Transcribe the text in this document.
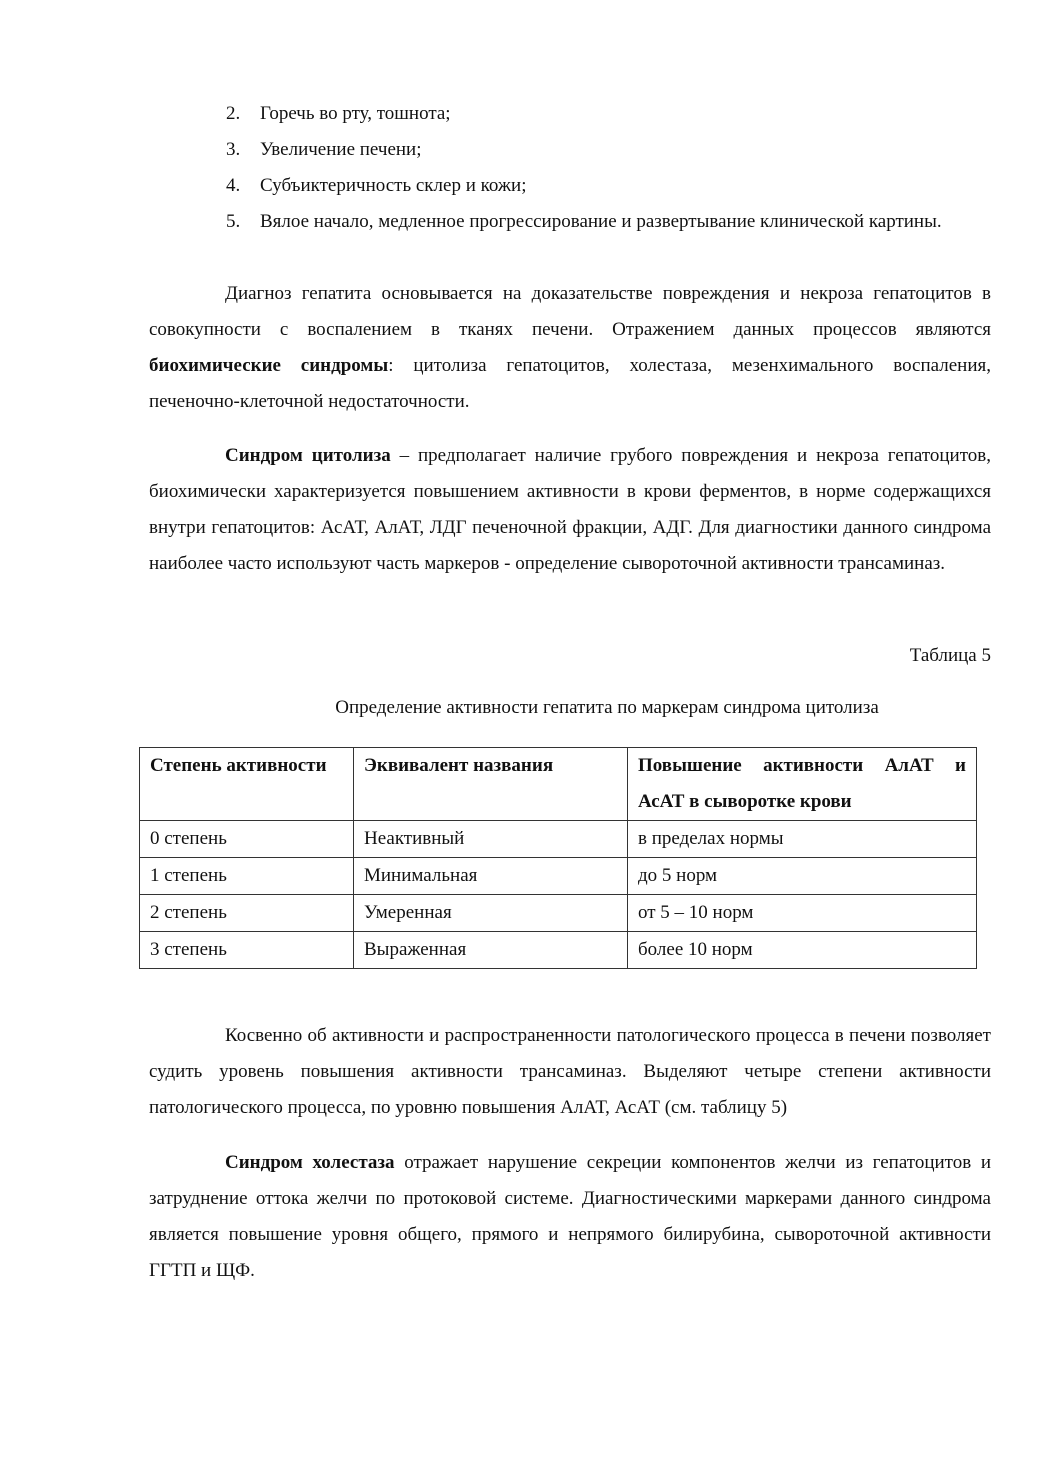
2. Горечь во рту, тошнота;
3. Увеличение печени;
4. Субъиктеричность склер и кожи;
5. Вялое начало, медленное прогрессирование и развертывание клинической картины.

Диагноз гепатита основывается на доказательстве повреждения и некроза гепатоцитов в совокупности с воспалением в тканях печени. Отражением данных процессов являются биохимические синдромы: цитолиза гепатоцитов, холестаза, мезенхимального воспаления, печеночно-клеточной недостаточности.

Синдром цитолиза – предполагает наличие грубого повреждения и некроза гепатоцитов, биохимически характеризуется повышением активности в крови ферментов, в норме содержащихся внутри гепатоцитов: АсАТ, АлАТ, ЛДГ печеночной фракции, АДГ. Для диагностики данного синдрома наиболее часто используют часть маркеров - определение сывороточной активности трансаминаз.

Таблица 5
Определение активности гепатита по маркерам синдрома цитолиза
Степень активности	Эквивалент названия	Повышение активности АлАТ и АсАТ в сыворотке крови
0 степень	Неактивный	в пределах нормы
1 степень	Минимальная	до 5 норм
2 степень	Умеренная	от 5 – 10 норм
3 степень	Выраженная	более 10 норм

Косвенно об активности и распространенности патологического процесса в печени позволяет судить уровень повышения активности трансаминаз. Выделяют четыре степени активности патологического процесса, по уровню повышения АлАТ, АсАТ (см. таблицу 5)

Синдром холестаза отражает нарушение секреции компонентов желчи из гепатоцитов и затруднение оттока желчи по протоковой системе. Диагностическими маркерами данного синдрома является повышение уровня общего, прямого и непрямого билирубина, сывороточной активности ГГТП и ЩФ.
